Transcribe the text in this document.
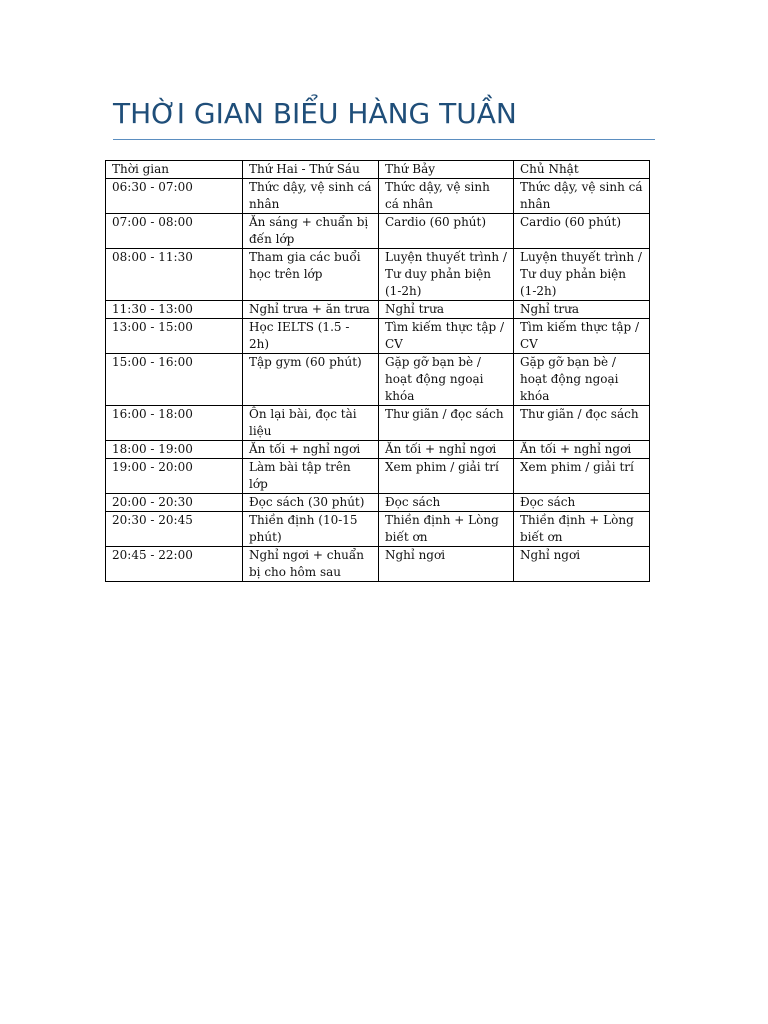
THỜI GIAN BIỂU HÀNG TUẦN
Thời gian	Thứ Hai - Thứ Sáu	Thứ Bảy	Chủ Nhật
06:30 - 07:00	Thức dậy, vệ sinh cá nhân	Thức dậy, vệ sinh cá nhân	Thức dậy, vệ sinh cá nhân
07:00 - 08:00	Ăn sáng + chuẩn bị đến lớp	Cardio (60 phút)	Cardio (60 phút)
08:00 - 11:30	Tham gia các buổi học trên lớp	Luyện thuyết trình / Tư duy phản biện (1-2h)	Luyện thuyết trình / Tư duy phản biện (1-2h)
11:30 - 13:00	Nghỉ trưa + ăn trưa	Nghỉ trưa	Nghỉ trưa
13:00 - 15:00	Học IELTS (1.5 - 2h)	Tìm kiếm thực tập / CV	Tìm kiếm thực tập / CV
15:00 - 16:00	Tập gym (60 phút)	Gặp gỡ bạn bè / hoạt động ngoại khóa	Gặp gỡ bạn bè / hoạt động ngoại khóa
16:00 - 18:00	Ôn lại bài, đọc tài liệu	Thư giãn / đọc sách	Thư giãn / đọc sách
18:00 - 19:00	Ăn tối + nghỉ ngơi	Ăn tối + nghỉ ngơi	Ăn tối + nghỉ ngơi
19:00 - 20:00	Làm bài tập trên lớp	Xem phim / giải trí	Xem phim / giải trí
20:00 - 20:30	Đọc sách (30 phút)	Đọc sách	Đọc sách
20:30 - 20:45	Thiền định (10-15 phút)	Thiền định + Lòng biết ơn	Thiền định + Lòng biết ơn
20:45 - 22:00	Nghỉ ngơi + chuẩn bị cho hôm sau	Nghỉ ngơi	Nghỉ ngơi
